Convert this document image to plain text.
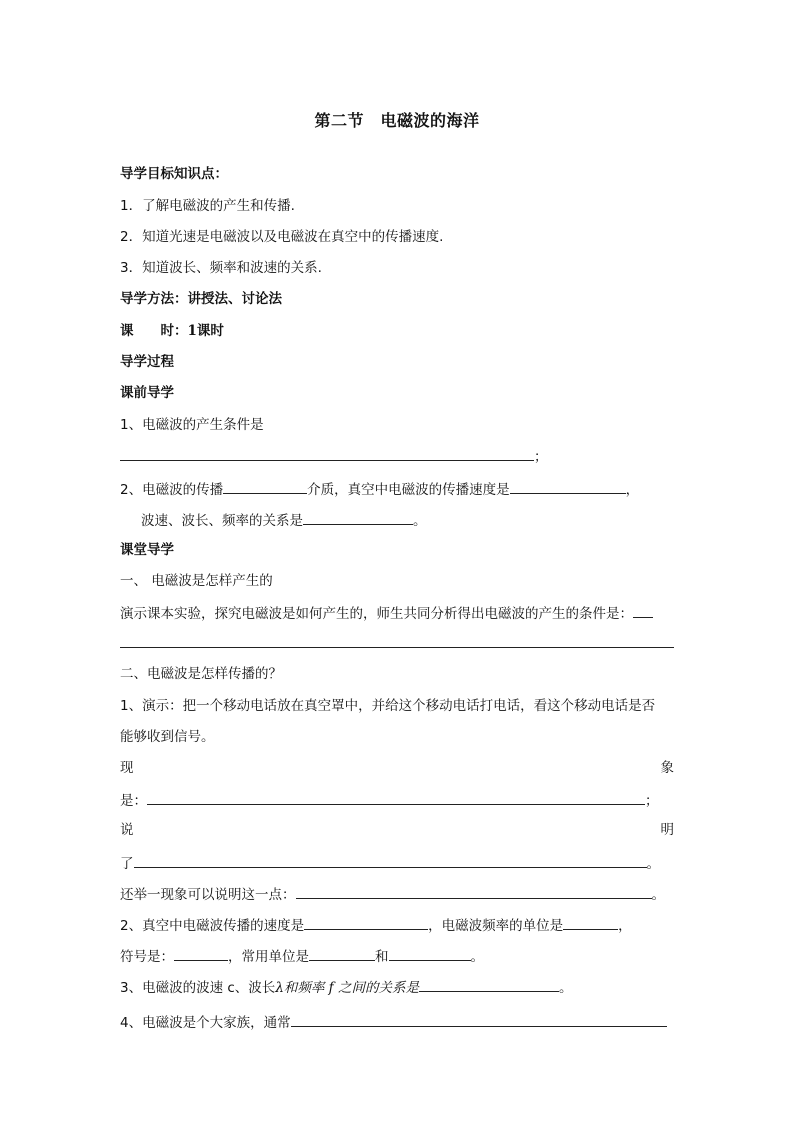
第二节　电磁波的海洋
导学目标知识点：
1．了解电磁波的产生和传播.
2．知道光速是电磁波以及电磁波在真空中的传播速度.
3．知道波长、频率和波速的关系.
导学方法：讲授法、讨论法
课　　时：1课时
导学过程
课前导学
1、电磁波的产生条件是
；
2、电磁波的传播	介质，真空中电磁波的传播速度是	，
波速、波长、频率的关系是	。
课堂导学
一、 电磁波是怎样产生的
演示课本实验，探究电磁波是如何产生的，师生共同分析得出电磁波的产生的条件是：
二、电磁波是怎样传播的？
1、演示：把一个移动电话放在真空罩中，并给这个移动电话打电话，看这个移动电话是否
能够收到信号。
现	象
是：	；
说	明
了	。
还举一现象可以说明这一点：	。
2、真空中电磁波传播的速度是	，电磁波频率的单位是	，
符号是：	，常用单位是	和	。
3、电磁波的波速 c、波长λ和频率 f 之间的关系是	。
4、电磁波是个大家族，通常
